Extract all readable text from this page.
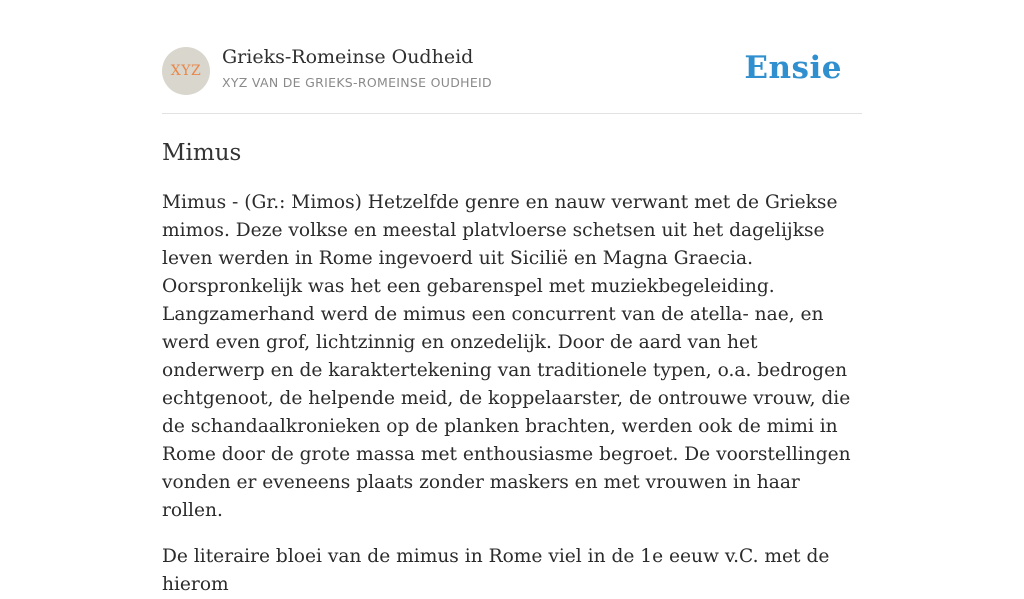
XYZ
Grieks-Romeinse Oudheid
XYZ VAN DE GRIEKS-ROMEINSE OUDHEID	Ensie
Mimus

Mimus - (Gr.: Mimos) Hetzelfde genre en nauw verwant met de Griekse mimos. Deze volkse en meestal platvloerse schetsen uit het dagelijkse leven werden in Rome ingevoerd uit Sicilië en Magna Graecia. Oorspronkelijk was het een gebarenspel met muziekbegeleiding. Langzamerhand werd de mimus een concurrent van de atella- nae, en werd even grof, lichtzinnig en onzedelijk. Door de aard van het onderwerp en de karaktertekening van traditionele typen, o.a. bedrogen echtgenoot, de helpende meid, de koppelaarster, de ontrouwe vrouw, die de schandaalkronieken op de planken brachten, werden ook de mimi in Rome door de grote massa met enthousiasme begroet. De voorstellingen vonden er eveneens plaats zonder maskers en met vrouwen in haar rollen.

De literaire bloei van de mimus in Rome viel in de 1e eeuw v.C. met de hierom
